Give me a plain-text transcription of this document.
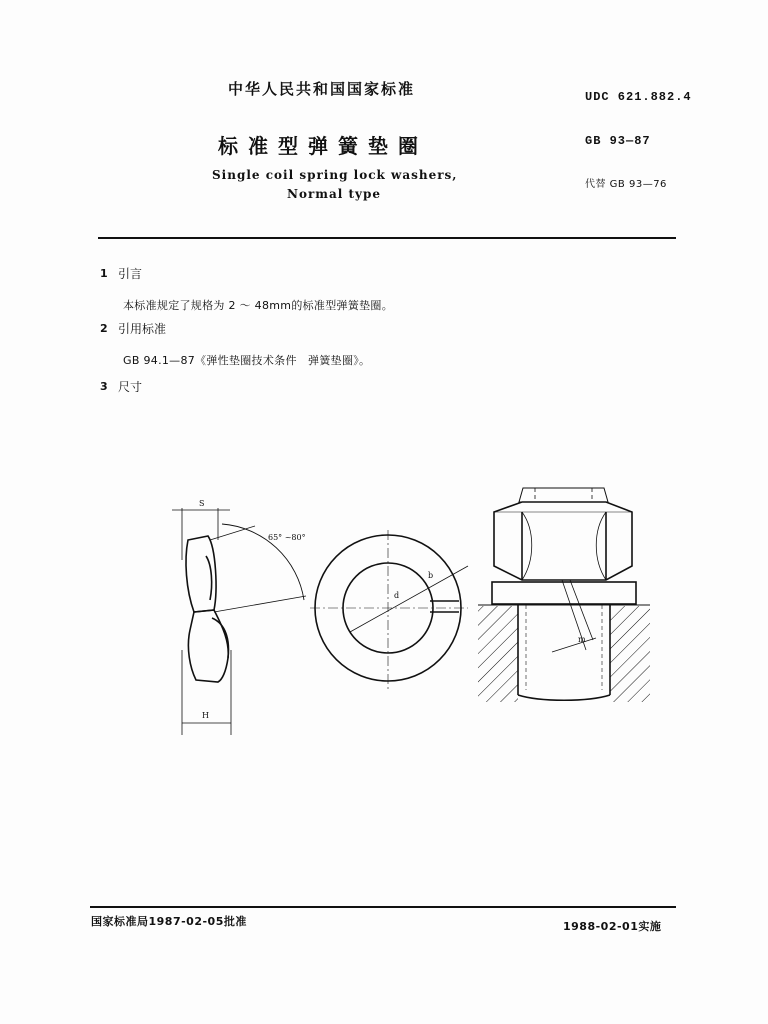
中华人民共和国国家标准	UDC 621.882.4
标准型弹簧垫圈	GB 93—87
Single coil spring lock washers,
Normal type
代替 GB 93—76
1 引言
本标准规定了规格为 2 ～ 48mm的标准型弹簧垫圈。
2 引用标准
GB 94.1—87《弹性垫圈技术条件　弹簧垫圈》。
3 尺寸
S
65° ~80°
H
d
b
m
国家标准局1987-02-05批准	1988-02-01实施
